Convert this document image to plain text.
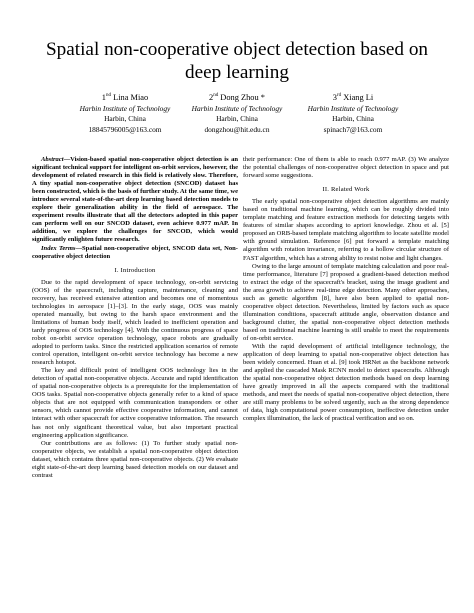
Spatial non-cooperative object detection based on deep learning
1nd Lina Miao
Harbin Institute of Technology
Harbin, China
18845796005@163.com
2nd Dong Zhou *
Harbin Institute of Technology
Harbin, China
dongzhou@hit.edu.cn
3rd Xiang Li
Harbin Institute of Technology
Harbin, China
spinach7@163.com

Abstract—Vision-based spatial non-cooperative object detection is an significant technical support for intelligent on-orbit services, however, the development of related research in this field is relatively slow. Therefore, A tiny spatial non-cooperative object detection (SNCOD) dataset has been constructed, which is the basis of further study. At the same time, we introduce several state-of-the-art deep learning based detection models to explore their generalization ability in the field of aerospace. The experiment results illustrate that all the detectors adopted in this paper can perform well on our SNCOD dataset, even achieve 0.977 mAP. In addition, we explore the challenges for SNCOD, which would significantly enlighten future research.

Index Terms—Spatial non-cooperative object, SNCOD data set, Non-cooperative object detection

I. Introduction

Due to the rapid development of space technology, on-orbit servicing (OOS) of the spacecraft, including capture, maintenance, cleaning and recovery, has received extensive attention and becomes one of momentous technologies in aerospace [1]–[3]. In the early stage, OOS was mainly operated manually, but owing to the harsh space environment and the limitations of human body itself, which leaded to inefficient operation and tardy progress of OOS technology [4]. With the continuous progress of space robot on-orbit service operation technology, space robots are gradually adopted to perform tasks. Since the restricted application scenarios of remote control operation, intelligent on-orbit service technology has become a new research hotspot.

The key and difficult point of intelligent OOS technology lies in the detection of spatial non-cooperative objects. Accurate and rapid identification of spatial non-cooperative objects is a prerequisite for the implementation of OOS tasks. Spatial non-cooperative objects generally refer to a kind of space objects that are not equipped with communication transponders or other sensors, which cannot provide effective cooperative information, and cannot interact with other spacecraft for active cooperative information. The research has not only significant theoretical value, but also important practical engineering application significance.

Our contributions are as follows: (1) To further study spatial non-cooperative objects, we establish a spatial non-cooperative object detection dataset, which contains three spatial non-cooperative objects. (2) We evaluate eight state-of-the-art deep learning based detection models on our dataset and contrast

their performance: One of them is able to reach 0.977 mAP. (3) We analyze the potential challenges of non-cooperative object detection in space and put forward some suggestions.

II. Related Work

The early spatial non-cooperative object detection algorithms are mainly based on traditional machine learning, which can be roughly divided into template matching and feature extraction methods for detecting targets with features of similar shapes according to apriori knowledge. Zhou et al. [5] proposed an ORB-based template matching algorithm to locate satellite model with ground simulation. Reference [6] put forward a template matching algorithm with rotation invariance, referring to a hollow circular structure of FAST algorithm, which has a strong ability to resist noise and light changes.

Owing to the large amount of template matching calculation and poor real-time performance, literature [7] proposed a gradient-based detection method to extract the edge of the spacecraft's bracket, using the image gradient and the area growth to achieve real-time edge detection. Many other approaches, such as genetic algorithm [8], have also been applied to spatial non-cooperative object detection. Nevertheless, limited by factors such as space illumination conditions, spacecraft attitude angle, observation distance and background clutter, the spatial non-cooperative object detection methods based on traditional machine learning is still unable to meet the requirements of on-orbit service.

With the rapid development of artificial intelligence technology, the application of deep learning to spatial non-cooperative object detection has been widely concerned. Huan et al. [9] took HRNet as the backbone network and applied the cascaded Mask RCNN model to detect spacecrafts. Although the spatial non-cooperative object detection methods based on deep learning have greatly improved in all the aspects compared with the traditional methods, and meet the needs of spatial non-cooperative object detection, there are still many problems to be solved urgently, such as the strong dependence of data, high computational power consumption, ineffective detection under complex illumination, the lack of practical verification and so on.
